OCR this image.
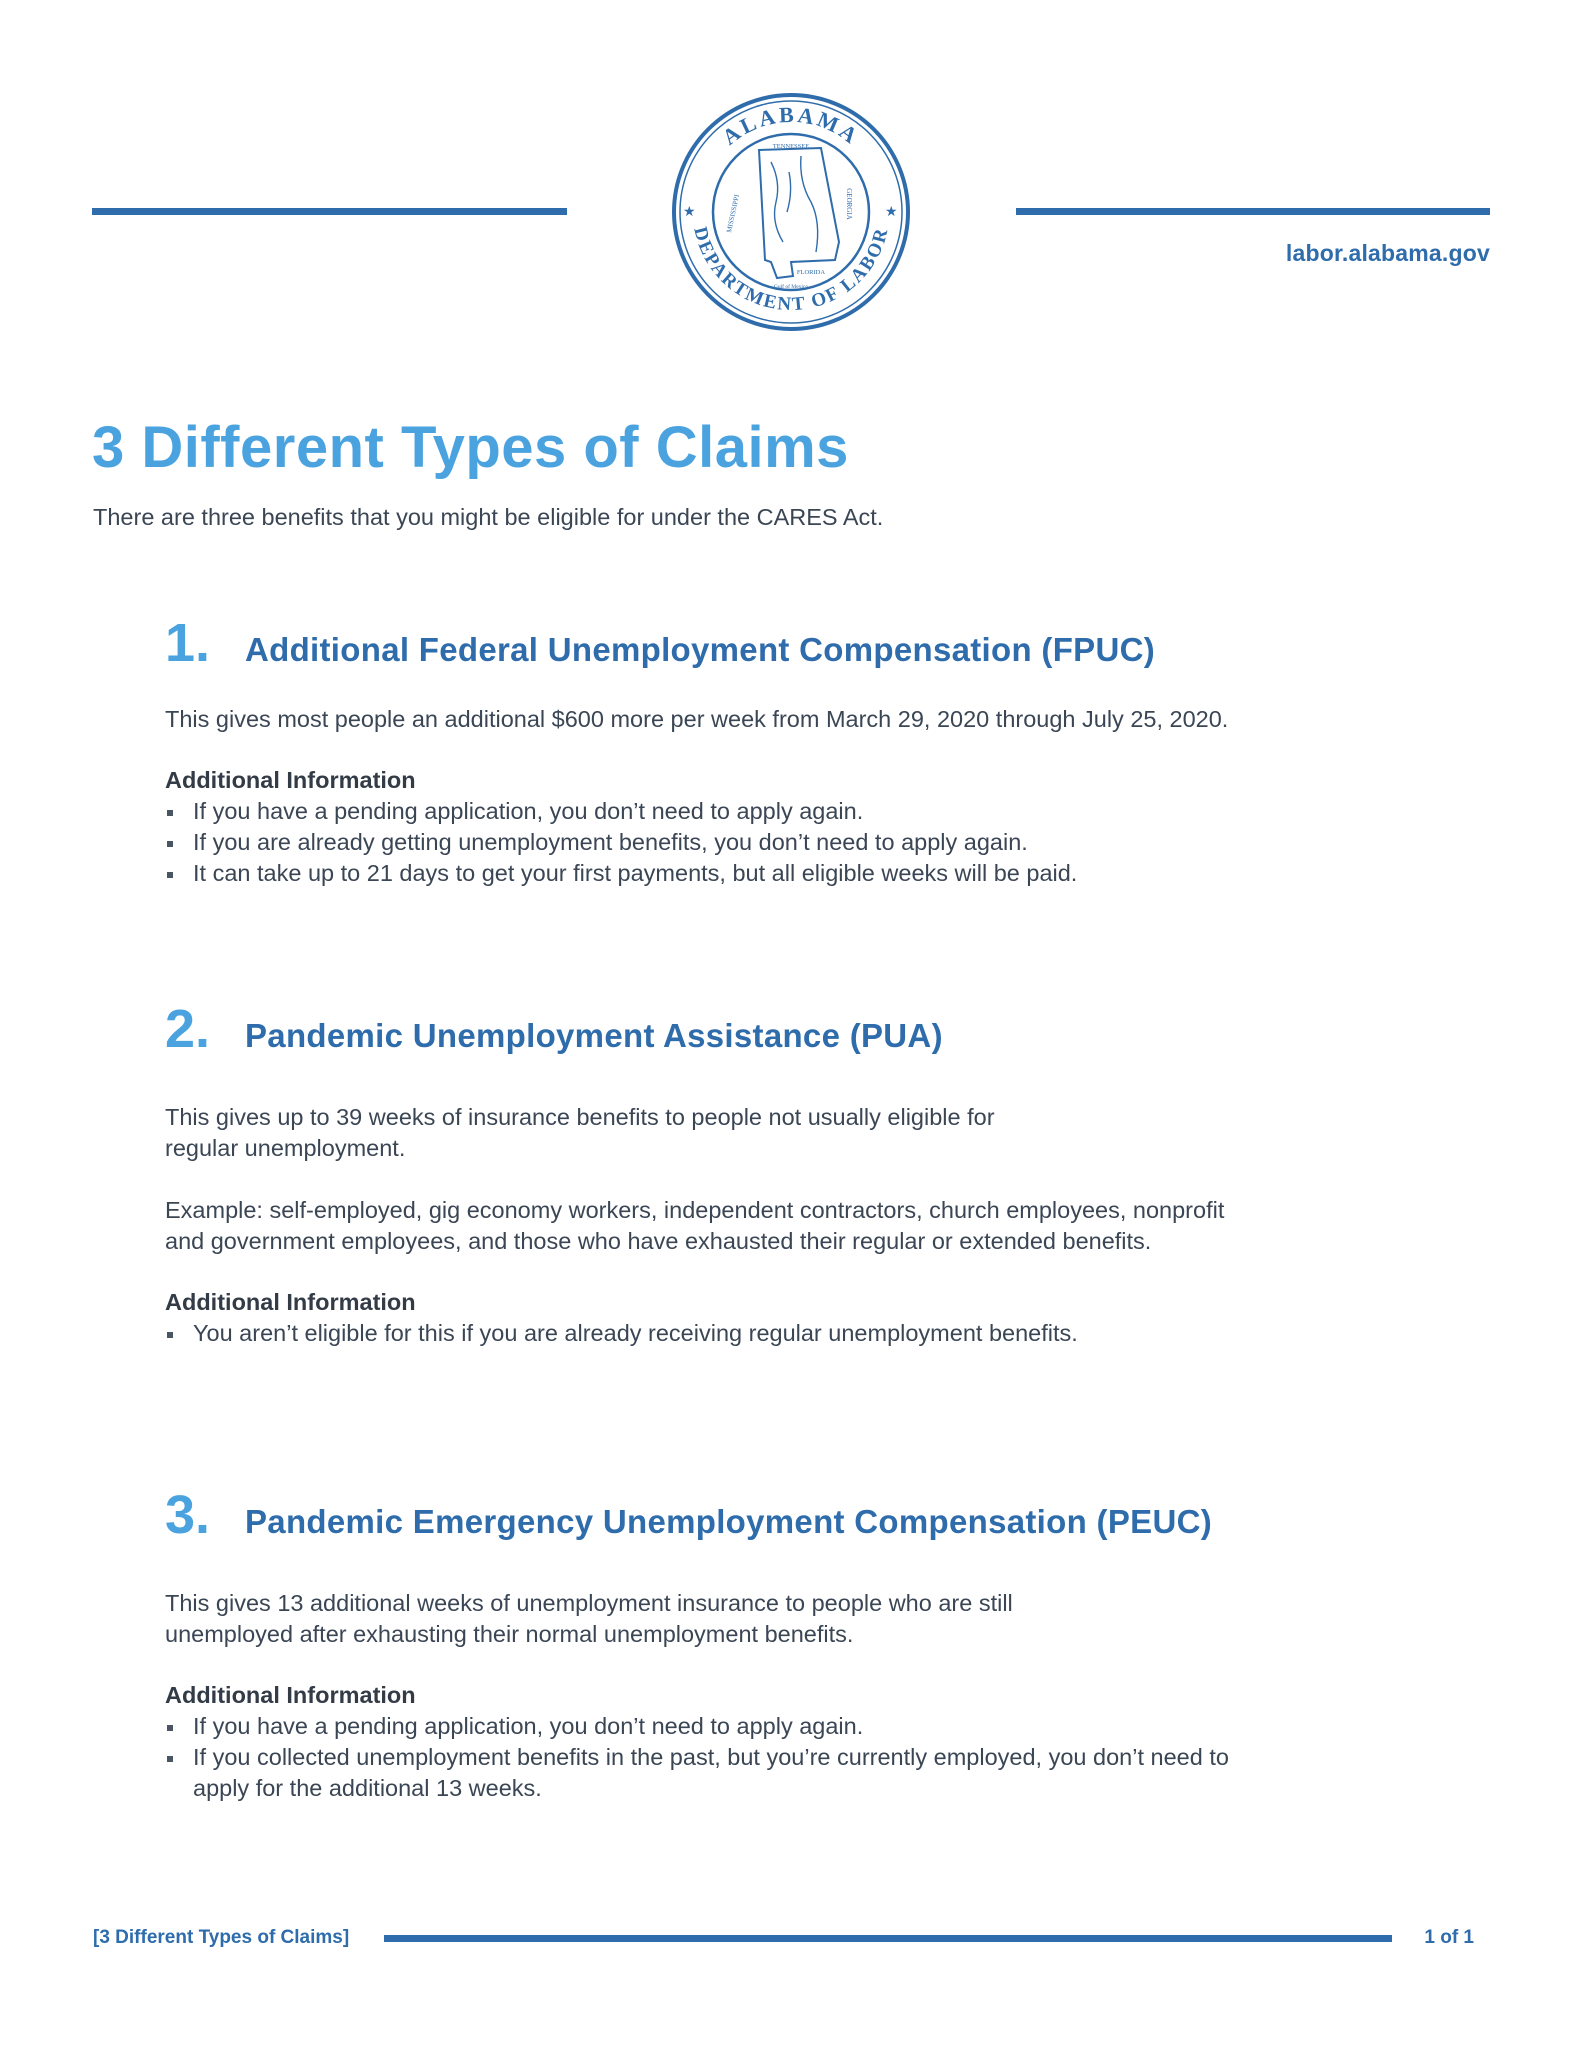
ALABAMA
DEPARTMENT OF LABOR
★	★
TENNESSEE
MISSISSIPPI	GEORGIA
FLORIDA
Gulf of Mexico
labor.alabama.gov
3 Different Types of Claims

There are three benefits that you might be eligible for under the CARES Act.

1.	Additional Federal Unemployment Compensation (FPUC)

This gives most people an additional $600 more per week from March 29, 2020 through July 25, 2020.

Additional Information

If you have a pending application, you don’t need to apply again.
If you are already getting unemployment benefits, you don’t need to apply again.
It can take up to 21 days to get your first payments, but all eligible weeks will be paid.
2.	Pandemic Unemployment Assistance (PUA)

This gives up to 39 weeks of insurance benefits to people not usually eligible for
regular unemployment.

Example: self-employed, gig economy workers, independent contractors, church employees, nonprofit
and government employees, and those who have exhausted their regular or extended benefits.

Additional Information

You aren’t eligible for this if you are already receiving regular unemployment benefits.
3.	Pandemic Emergency Unemployment Compensation (PEUC)

This gives 13 additional weeks of unemployment insurance to people who are still
unemployed after exhausting their normal unemployment benefits.

Additional Information

If you have a pending application, you don’t need to apply again.
If you collected unemployment benefits in the past, but you’re currently employed, you don’t need to
apply for the additional 13 weeks.
[3 Different Types of Claims]	1 of 1
